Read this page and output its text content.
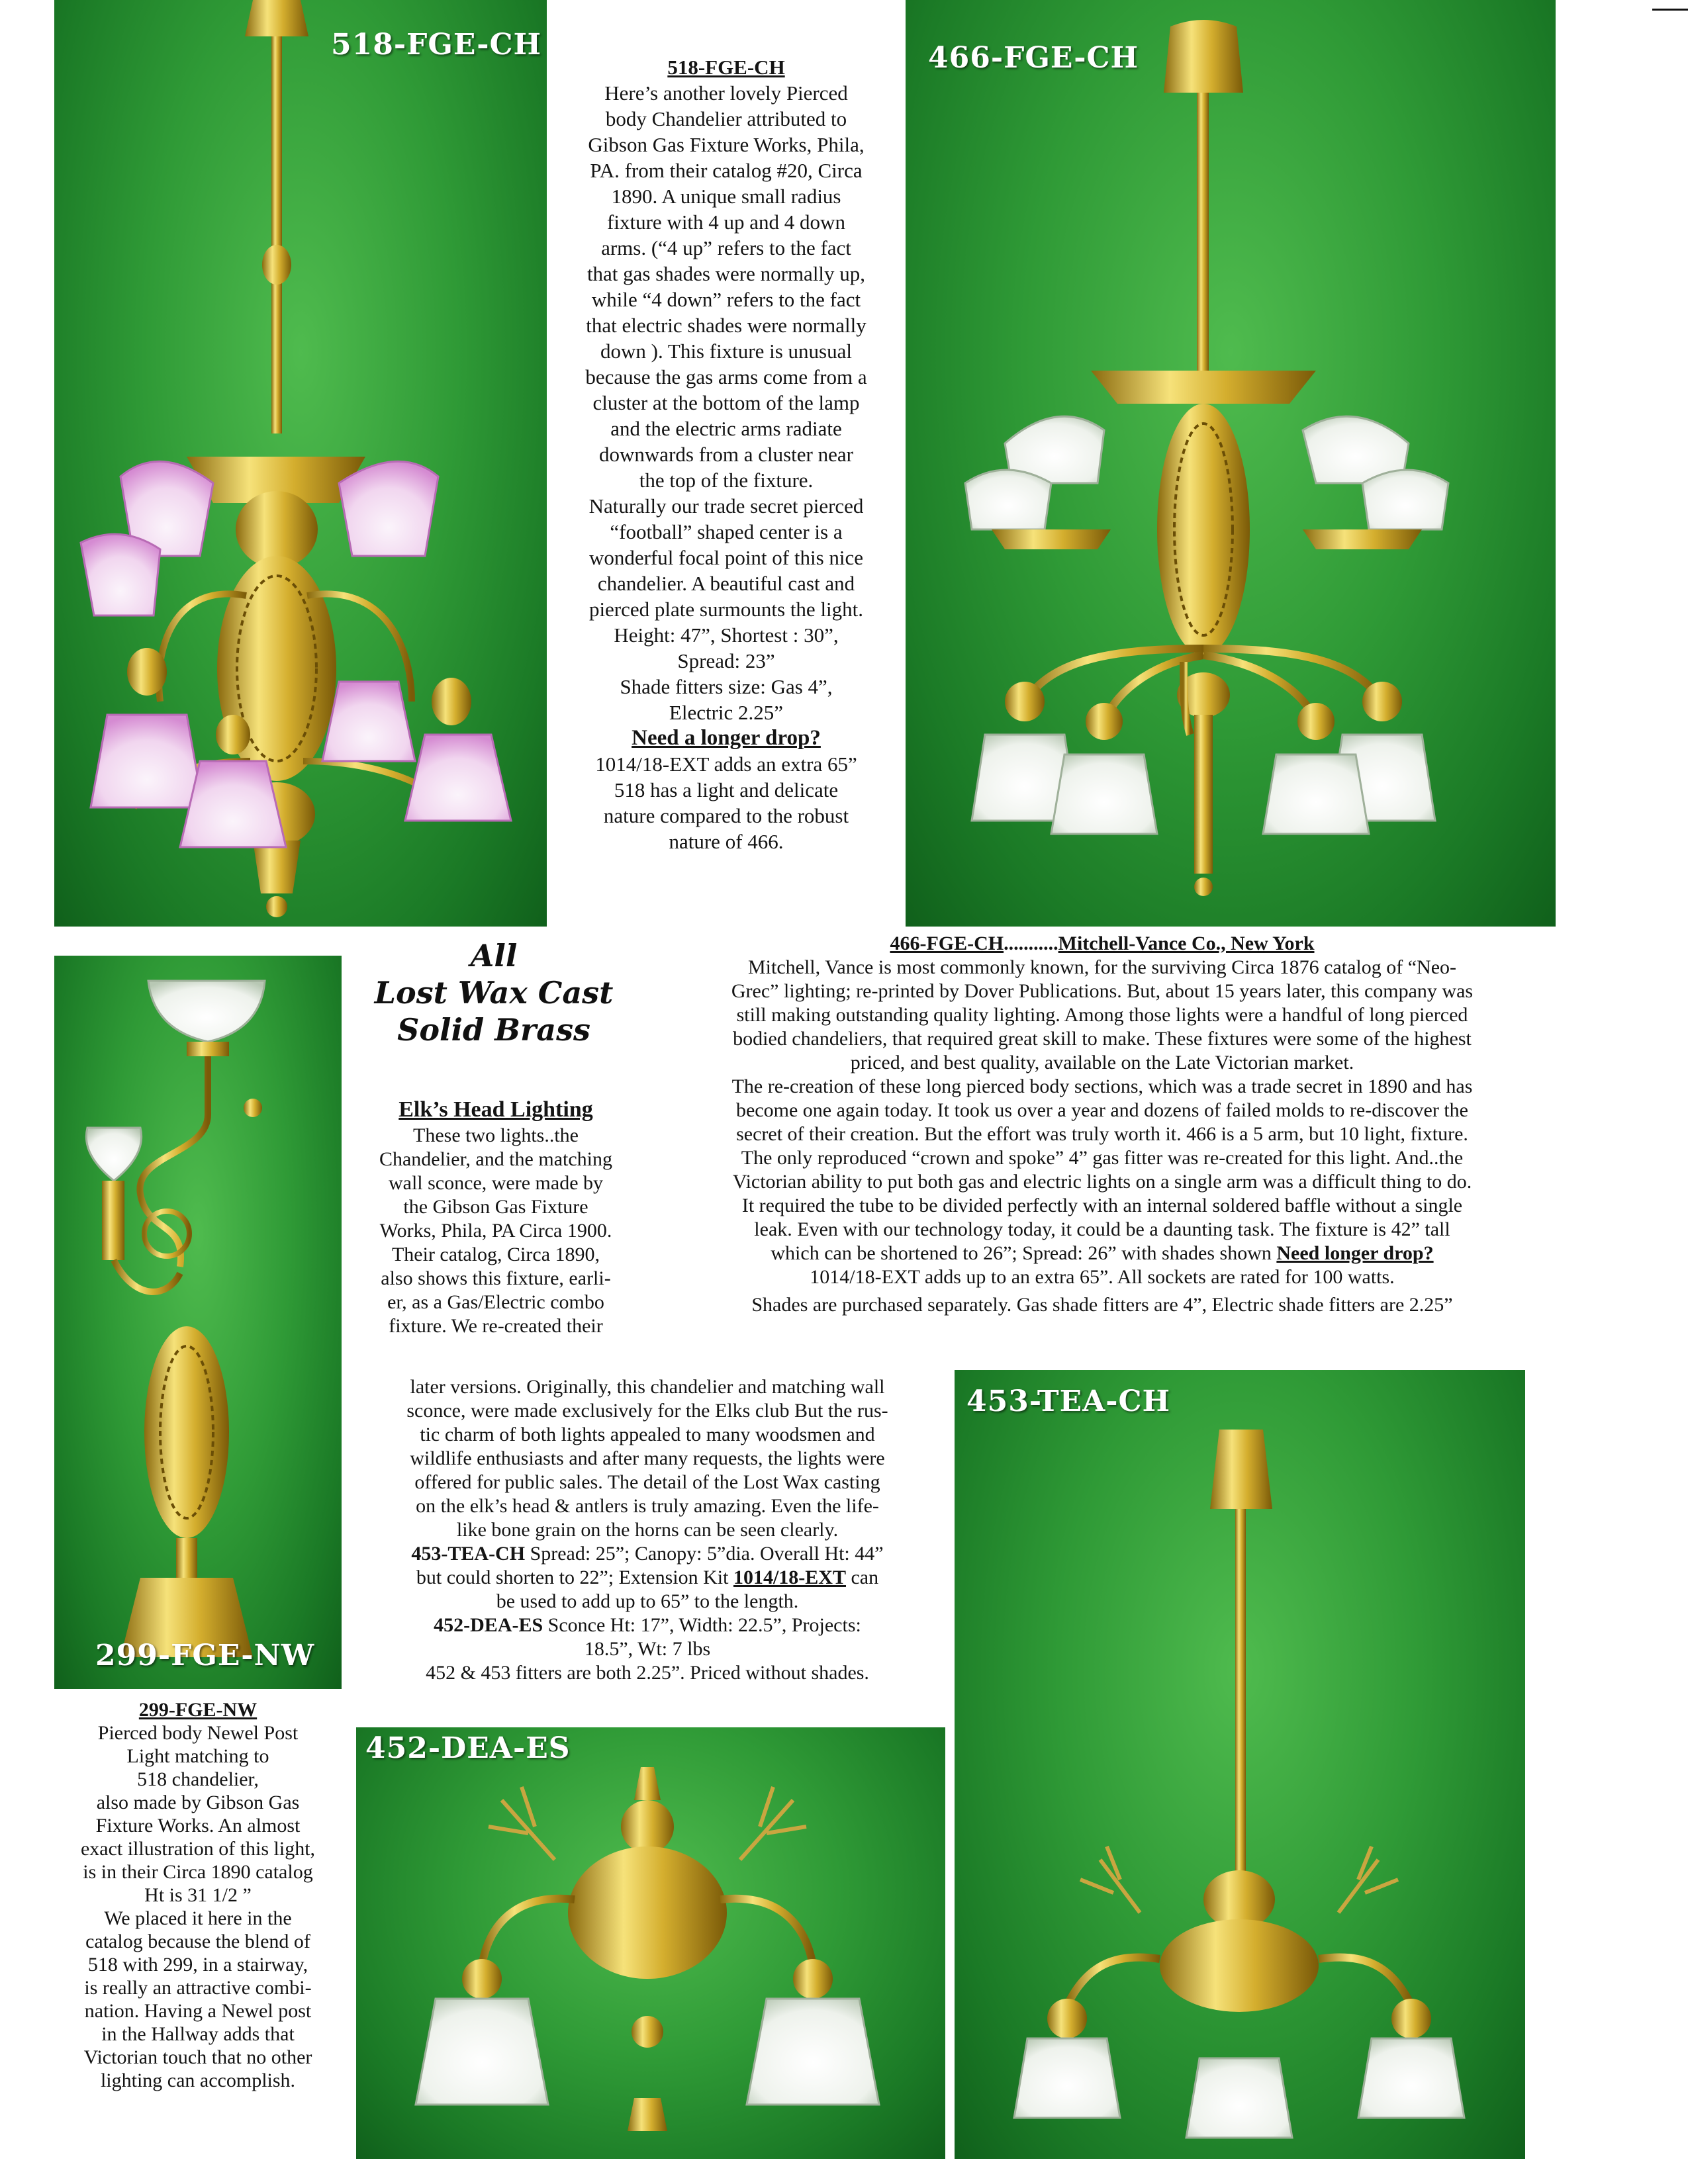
518-FGE-CH	466-FGE-CH
299-FGE-NW
453-TEA-CH
452-DEA-ES

518-FGE-CH

Here’s another lovely Pierced

body Chandelier attributed to

Gibson Gas Fixture Works, Phila,

PA. from their catalog #20, Circa

1890. A unique small radius

fixture with 4 up and 4 down

arms. (“4 up” refers to the fact

that gas shades were normally up,

while “4 down” refers to the fact

that electric shades were normally

down ). This fixture is unusual

because the gas arms come from a

cluster at the bottom of the lamp

and the electric arms radiate

downwards from a cluster near

the top of the fixture.

Naturally our trade secret pierced

“football” shaped center is a

wonderful focal point of this nice

chandelier. A beautiful cast and

pierced plate surmounts the light.

Height: 47”, Shortest : 30”,

Spread: 23”

Shade fitters size: Gas 4”,

Electric 2.25”

Need a longer drop?

1014/18-EXT adds an extra 65”

518 has a light and delicate

nature compared to the robust

nature of 466.

All
Lost Wax Cast
Solid Brass

Elk’s Head Lighting

These two lights..the

Chandelier, and the matching

wall sconce, were made by

the Gibson Gas Fixture

Works, Phila, PA Circa 1900.

Their catalog, Circa 1890,

also shows this fixture, earli-

er, as a Gas/Electric combo

fixture. We re-created their

later versions. Originally, this chandelier and matching wall

sconce, were made exclusively for the Elks club But the rus-

tic charm of both lights appealed to many woodsmen and

wildlife enthusiasts and after many requests, the lights were

offered for public sales. The detail of the Lost Wax casting

on the elk’s head & antlers is truly amazing. Even the life-

like bone grain on the horns can be seen clearly.

453-TEA-CH Spread: 25”; Canopy: 5”dia. Overall Ht: 44”

but could shorten to 22”; Extension Kit 1014/18-EXT can

be used to add up to 65” to the length.

452-DEA-ES Sconce Ht: 17”, Width: 22.5”, Projects:

18.5”, Wt: 7 lbs

452 & 453 fitters are both 2.25”. Priced without shades.

466-FGE-CH...........Mitchell-Vance Co., New York

Mitchell, Vance is most commonly known, for the surviving Circa 1876 catalog of “Neo-

Grec” lighting; re-printed by Dover Publications. But, about 15 years later, this company was

still making outstanding quality lighting. Among those lights were a handful of long pierced

bodied chandeliers, that required great skill to make. These fixtures were some of the highest

priced, and best quality, available on the Late Victorian market.

The re-creation of these long pierced body sections, which was a trade secret in 1890 and has

become one again today. It took us over a year and dozens of failed molds to re-discover the

secret of their creation. But the effort was truly worth it. 466 is a 5 arm, but 10 light, fixture.

The only reproduced “crown and spoke” 4” gas fitter was re-created for this light. And..the

Victorian ability to put both gas and electric lights on a single arm was a difficult thing to do.

It required the tube to be divided perfectly with an internal soldered baffle without a single

leak. Even with our technology today, it could be a daunting task. The fixture is 42” tall

which can be shortened to 26”; Spread: 26” with shades shown Need longer drop?

1014/18-EXT adds up to an extra 65”. All sockets are rated for 100 watts.

Shades are purchased separately. Gas shade fitters are 4”, Electric shade fitters are 2.25”

299-FGE-NW

Pierced body Newel Post

Light matching to

518 chandelier,

also made by Gibson Gas

Fixture Works. An almost

exact illustration of this light,

is in their Circa 1890 catalog

Ht is 31 1/2 ”

We placed it here in the

catalog because the blend of

518 with 299, in a stairway,

is really an attractive combi-

nation. Having a Newel post

in the Hallway adds that

Victorian touch that no other

lighting can accomplish.
